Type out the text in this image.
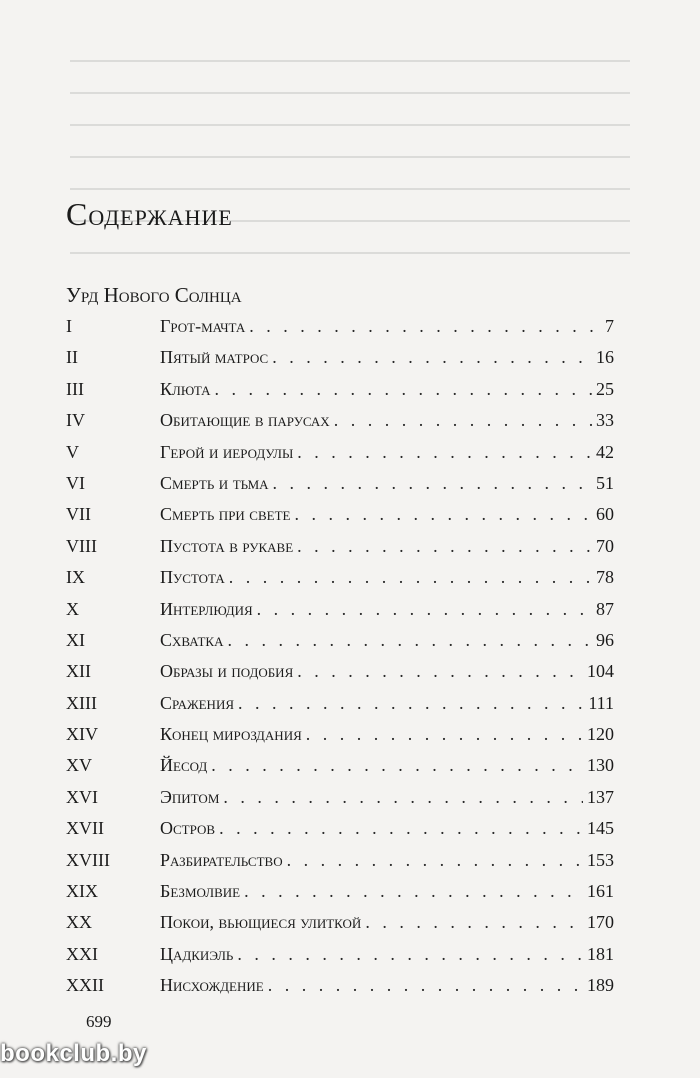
Содержание
Урд Нового Солнца
I	Грот-мачта . . .	7
II	Пятый матрос . . .	16
III	Клюта . . .	25
IV	Обитающие в парусах . . .	33
V	Герой и иеродулы . . .	42
VI	Смерть и тьма . . .	51
VII	Смерть при свете . . .	60
VIII	Пустота в рукаве . . .	70
IX	Пустота . . .	78
X	Интерлюдия . . .	87
XI	Схватка . . .	96
XII	Образы и подобия . . .	104
XIII	Сражения . . .	111
XIV	Конец мироздания . . .	120
XV	Йесод . . .	130
XVI	Эпитом . . .	137
XVII	Остров . . .	145
XVIII	Разбирательство . . .	153
XIX	Безмолвие . . .	161
XX	Покои, вьющиеся улиткой . . .	170
XXI	Цадкиэль . . .	181
XXII	Нисхождение . . .	189
699
bookclub.by
